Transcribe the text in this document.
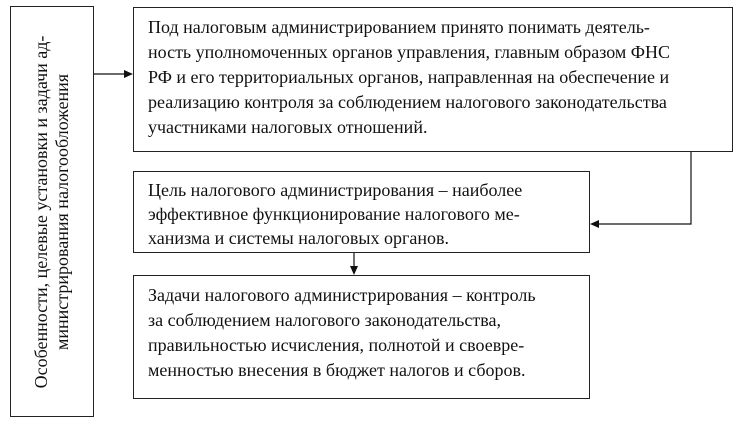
Особенности, целевые установки и задачи ад-
министрирования налогообложения

Под налоговым администрированием принято понимать деятель-
ность уполномоченных органов управления, главным образом ФНС
РФ и его территориальных органов, направленная на обеспечение и
реализацию контроля за соблюдением налогового законодательства
участниками налоговых отношений.

Цель налогового администрирования – наиболее
эффективное функционирование налогового ме-
ханизма и системы налоговых органов.

Задачи налогового администрирования – контроль
за соблюдением налогового законодательства,
правильностью исчисления, полнотой и своевре-
менностью внесения в бюджет налогов и сборов.
